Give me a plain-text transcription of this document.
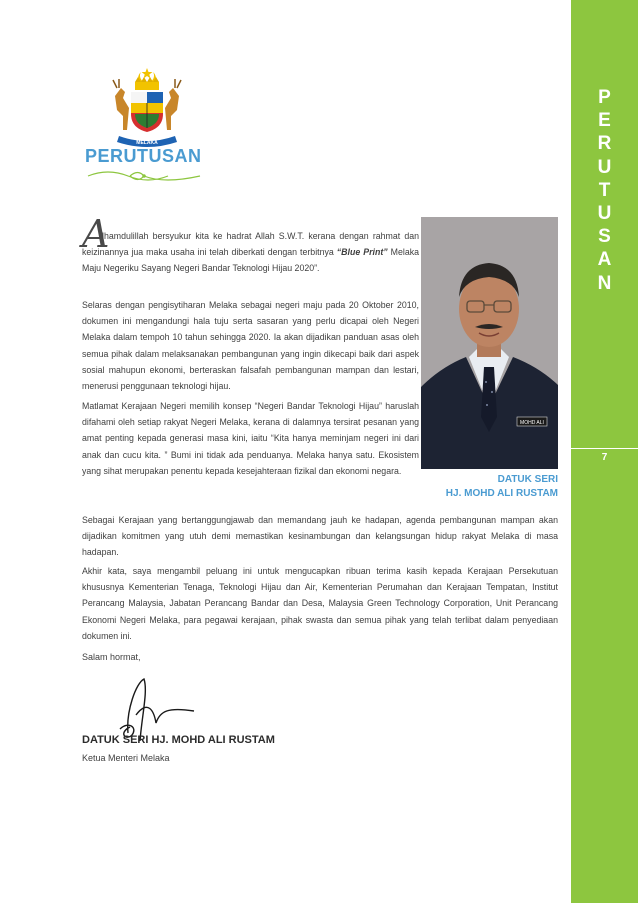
P
E
R
U
T
U
S
A
N
7
MELAKA
PERUTUSAN
A

lhamdulillah bersyukur kita ke hadrat Allah S.W.T. kerana dengan rahmat dan keizinannya jua maka usaha ini telah diberkati dengan terbitnya “Blue Print” Melaka Maju Negeriku Sayang Negeri Bandar Teknologi Hijau 2020”.

Selaras dengan pengisytiharan Melaka sebagai negeri maju pada 20 Oktober 2010, dokumen ini mengandungi hala tuju serta sasaran yang perlu dicapai oleh Negeri Melaka dalam tempoh 10 tahun sehingga 2020. Ia akan dijadikan panduan asas oleh semua pihak dalam melaksanakan pembangunan yang ingin dikecapi baik dari aspek sosial mahupun ekonomi, berteraskan falsafah pembangunan mampan dan lestari, menerusi penggunaan teknologi hijau.

Matlamat Kerajaan Negeri memilih konsep “Negeri Bandar Teknologi Hijau” haruslah difahami oleh setiap rakyat Negeri Melaka, kerana di dalamnya tersirat pesanan yang amat penting kepada generasi masa kini, iaitu “Kita hanya meminjam negeri ini dari anak dan cucu kita. ” Bumi ini tidak ada penduanya. Melaka hanya satu. Ekosistem yang sihat merupakan penentu kepada kesejahteraan fizikal dan ekonomi negara.

MOHD ALI
DATUK SERI
HJ. MOHD ALI RUSTAM

Sebagai Kerajaan yang bertanggungjawab dan memandang jauh ke hadapan, agenda pembangunan mampan akan dijadikan komitmen yang utuh demi memastikan kesinambungan dan kelangsungan hidup rakyat Melaka di masa hadapan.

Akhir kata, saya mengambil peluang ini untuk mengucapkan ribuan terima kasih kepada Kerajaan Persekutuan khususnya Kementerian Tenaga, Teknologi Hijau dan Air, Kementerian Perumahan dan Kerajaan Tempatan, Institut Perancang Malaysia, Jabatan Perancang Bandar dan Desa, Malaysia Green Technology Corporation, Unit Perancang Ekonomi Negeri Melaka, para pegawai kerajaan, pihak swasta dan semua pihak yang telah terlibat dalam penyediaan dokumen ini.

Salam hormat,
DATUK SERI HJ. MOHD ALI RUSTAM
Ketua Menteri Melaka
